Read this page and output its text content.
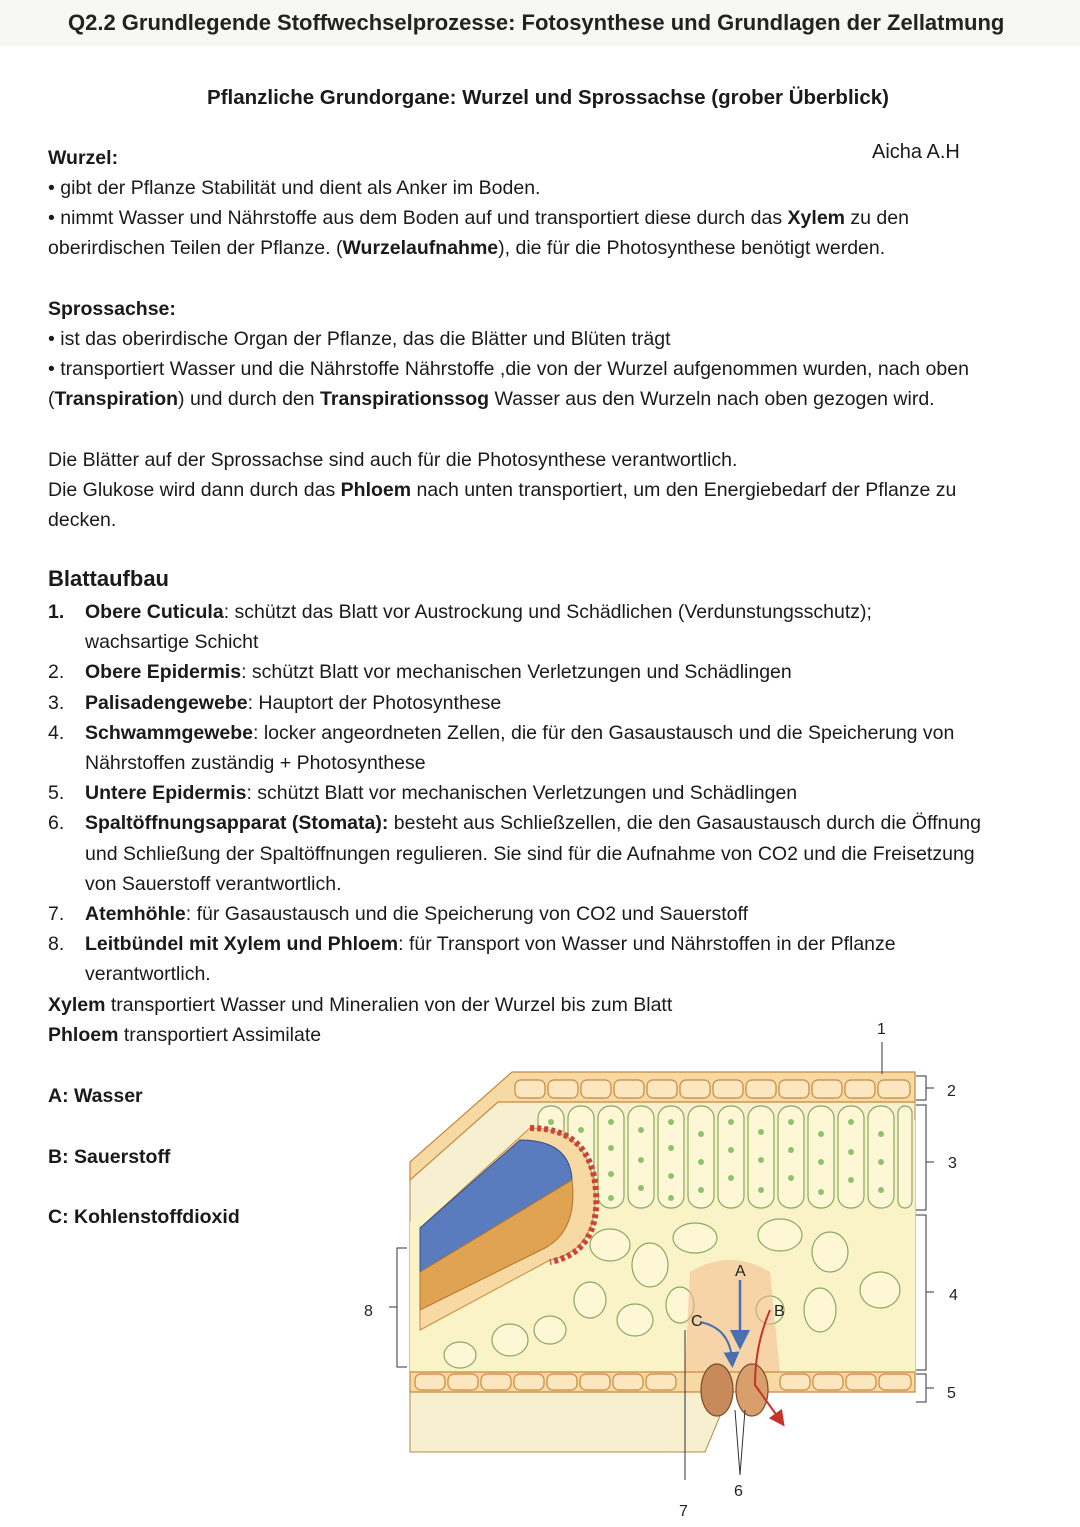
Q2.2 Grundlegende Stoffwechselprozesse: Fotosynthese und Grundlagen der Zellatmung
Pflanzliche Grundorgane: Wurzel und Sprossachse (grober Überblick)
Aicha A.H
Wurzel:
• gibt der Pflanze Stabilität und dient als Anker im Boden.
• nimmt Wasser und Nährstoffe aus dem Boden auf und transportiert diese durch das Xylem zu den
oberirdischen Teilen der Pflanze. (Wurzelaufnahme), die für die Photosynthese benötigt werden.
Sprossachse:
• ist das oberirdische Organ der Pflanze, das die Blätter und Blüten trägt
• transportiert Wasser und die Nährstoffe Nährstoffe ,die von der Wurzel aufgenommen wurden, nach oben
(Transpiration) und durch den Transpirationssog Wasser aus den Wurzeln nach oben gezogen wird.
Die Blätter auf der Sprossachse sind auch für die Photosynthese verantwortlich.
Die Glukose wird dann durch das Phloem nach unten transportiert, um den Energiebedarf der Pflanze zu
decken.
Blattaufbau
1. Obere Cuticula: schützt das Blatt vor Austrockung und Schädlichen (Verdunstungsschutz);
wachsartige Schicht
2. Obere Epidermis: schützt Blatt vor mechanischen Verletzungen und Schädlingen
3. Palisadengewebe: Hauptort der Photosynthese
4. Schwammgewebe: locker angeordneten Zellen, die für den Gasaustausch und die Speicherung von
Nährstoffen zuständig + Photosynthese
5. Untere Epidermis: schützt Blatt vor mechanischen Verletzungen und Schädlingen
6. Spaltöffnungsapparat (Stomata): besteht aus Schließzellen, die den Gasaustausch durch die Öffnung
und Schließung der Spaltöffnungen regulieren. Sie sind für die Aufnahme von CO2 und die Freisetzung
von Sauerstoff verantwortlich.
7. Atemhöhle: für Gasaustausch und die Speicherung von CO2 und Sauerstoff
8. Leitbündel mit Xylem und Phloem: für Transport von Wasser und Nährstoffen in der Pflanze
verantwortlich.
Xylem transportiert Wasser und Mineralien von der Wurzel bis zum Blatt
Phloem transportiert Assimilate
A: Wasser
B: Sauerstoff
C: Kohlenstoffdioxid
1
2
3
4
5
6
7
8
A
B
C
